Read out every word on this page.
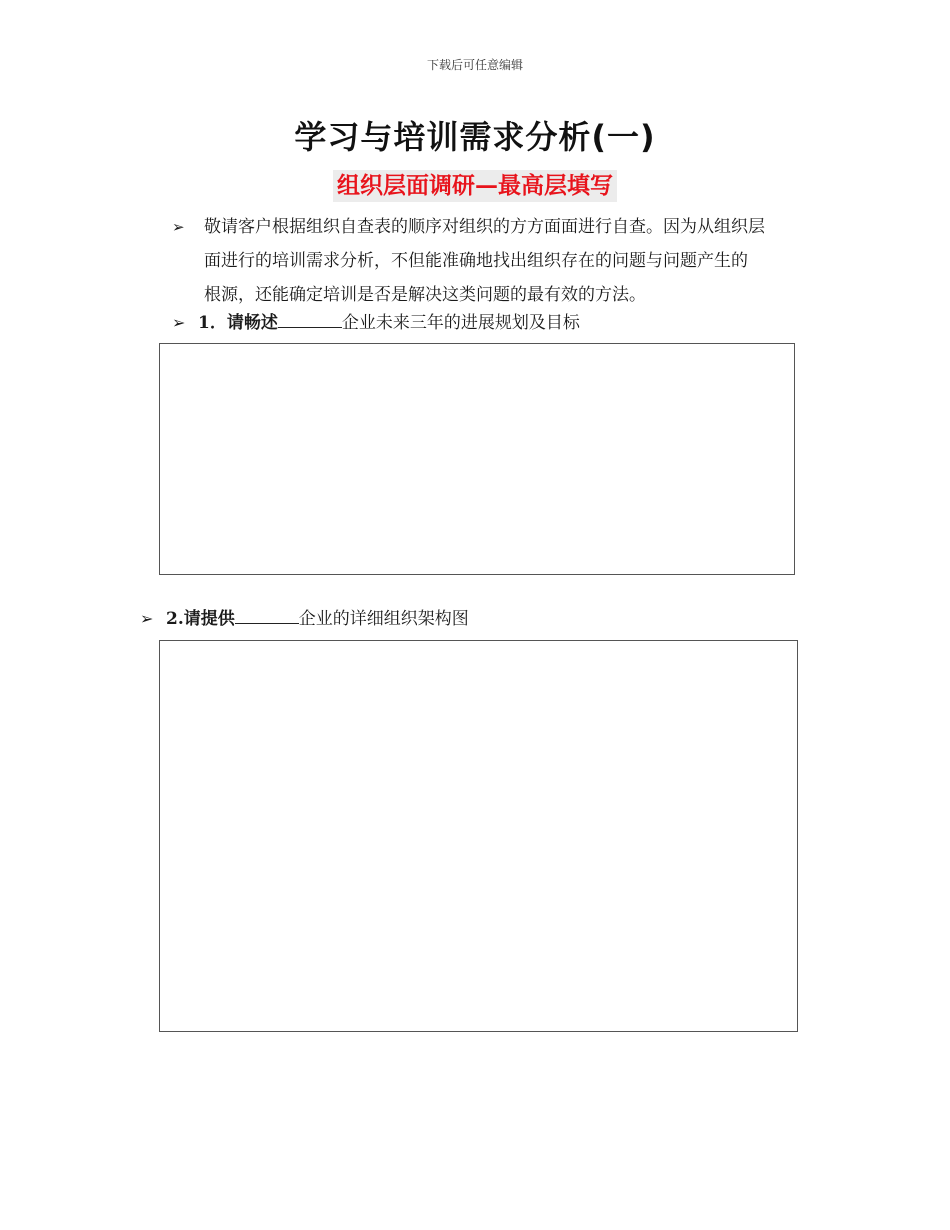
下载后可任意编辑
学习与培训需求分析(一)
组织层面调研—最高层填写
➢ 敬请客户根据组织自查表的顺序对组织的方方面面进行自查。因为从组织层
面进行的培训需求分析，不但能准确地找出组织存在的问题与问题产生的
根源，还能确定培训是否是解决这类问题的最有效的方法。
➢ 1．请畅述	企业未来三年的进展规划及目标
➢ 2.请提供	企业的详细组织架构图
